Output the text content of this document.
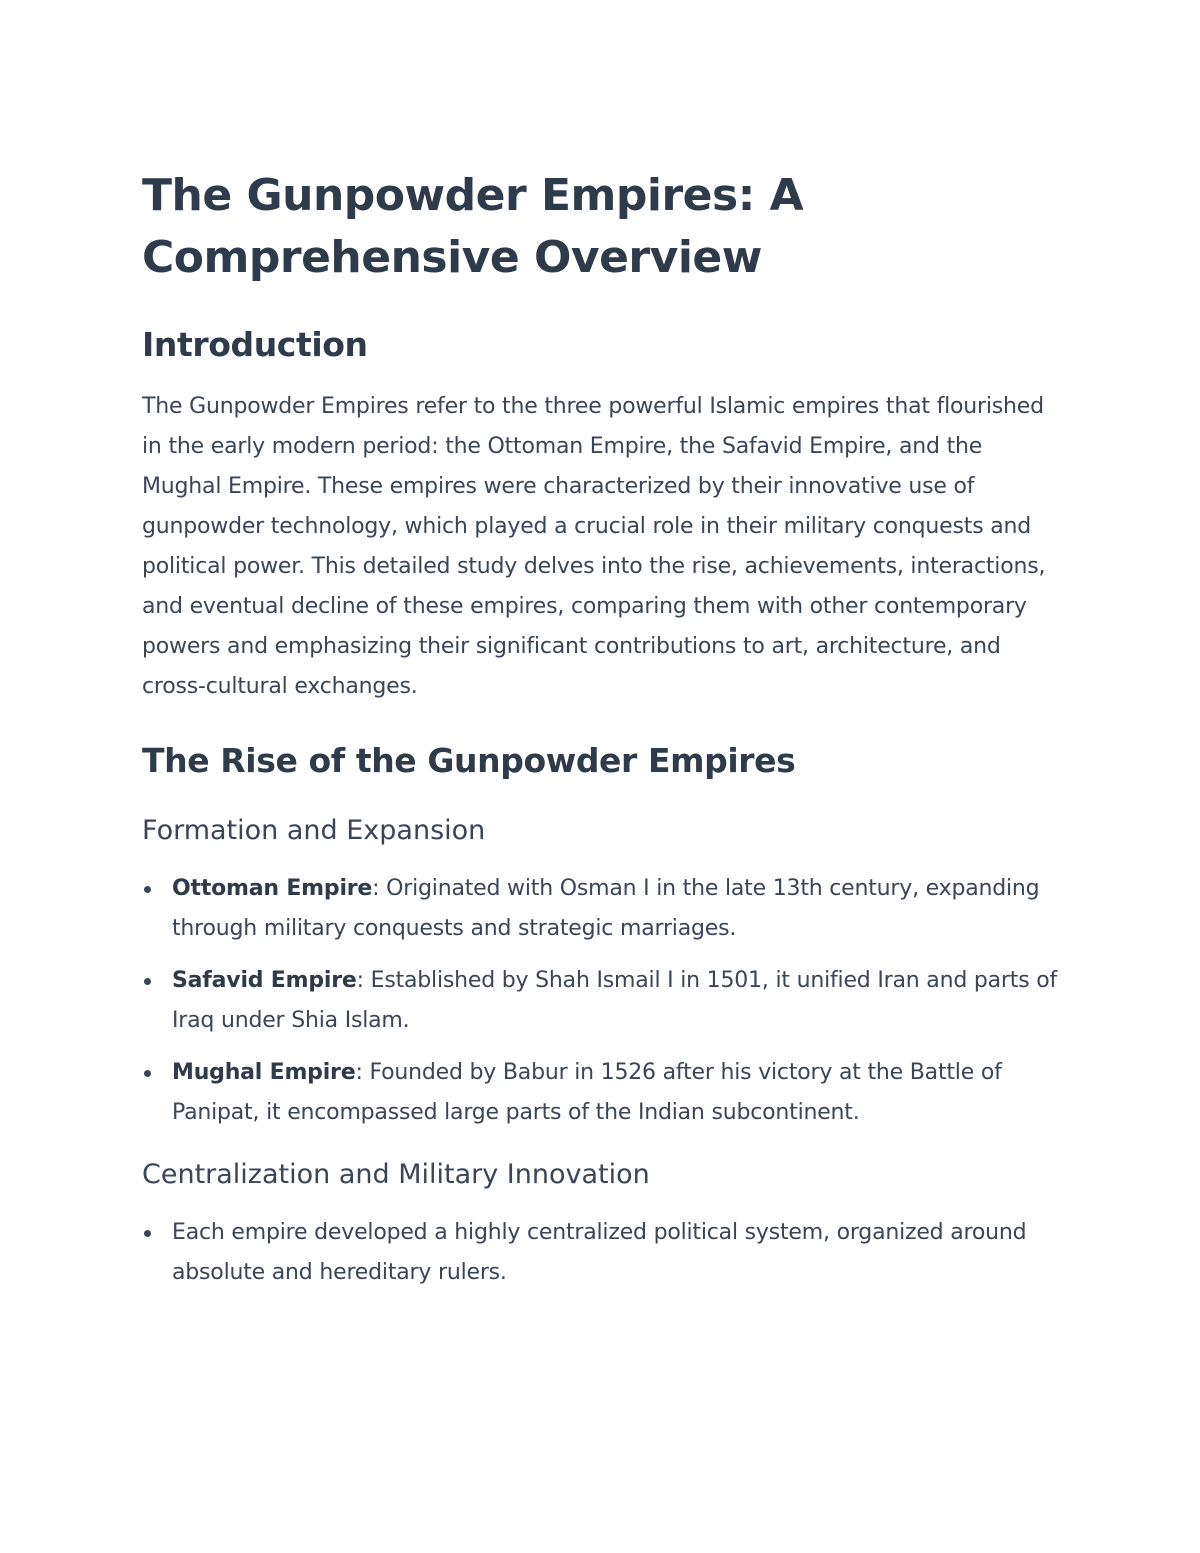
The Gunpowder Empires: A Comprehensive Overview
Introduction

The Gunpowder Empires refer to the three powerful Islamic empires that flourished in the early modern period: the Ottoman Empire, the Safavid Empire, and the Mughal Empire. These empires were characterized by their innovative use of gunpowder technology, which played a crucial role in their military conquests and political power. This detailed study delves into the rise, achievements, interactions, and eventual decline of these empires, comparing them with other contemporary powers and emphasizing their significant contributions to art, architecture, and cross-cultural exchanges.

The Rise of the Gunpowder Empires
Formation and Expansion
Ottoman Empire: Originated with Osman I in the late 13th century, expanding through military conquests and strategic marriages.
Safavid Empire: Established by Shah Ismail I in 1501, it unified Iran and parts of Iraq under Shia Islam.
Mughal Empire: Founded by Babur in 1526 after his victory at the Battle of Panipat, it encompassed large parts of the Indian subcontinent.
Centralization and Military Innovation
Each empire developed a highly centralized political system, organized around absolute and hereditary rulers.
